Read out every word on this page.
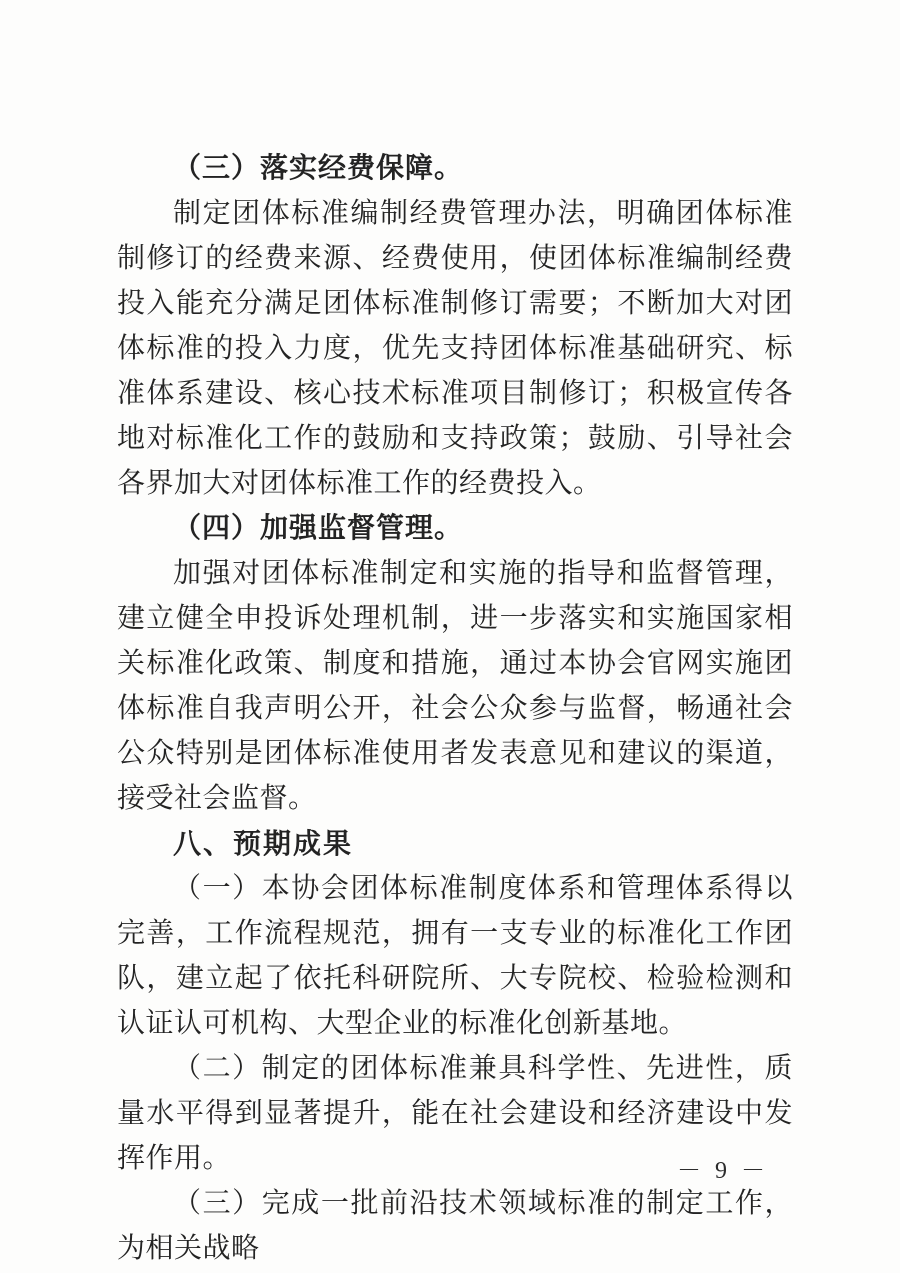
（三）落实经费保障。

制定团体标准编制经费管理办法，明确团体标准制修订的经费来源、经费使用，使团体标准编制经费投入能充分满足团体标准制修订需要；不断加大对团体标准的投入力度，优先支持团体标准基础研究、标准体系建设、核心技术标准项目制修订；积极宣传各地对标准化工作的鼓励和支持政策；鼓励、引导社会各界加大对团体标准工作的经费投入。

（四）加强监督管理。

加强对团体标准制定和实施的指导和监督管理，建立健全申投诉处理机制，进一步落实和实施国家相关标准化政策、制度和措施，通过本协会官网实施团体标准自我声明公开，社会公众参与监督，畅通社会公众特别是团体标准使用者发表意见和建议的渠道，接受社会监督。

八、预期成果

（一）本协会团体标准制度体系和管理体系得以完善，工作流程规范，拥有一支专业的标准化工作团队，建立起了依托科研院所、大专院校、检验检测和认证认可机构、大型企业的标准化创新基地。

（二）制定的团体标准兼具科学性、先进性，质量水平得到显著提升，能在社会建设和经济建设中发挥作用。

（三）完成一批前沿技术领域标准的制定工作，为相关战略

－ 9 －
